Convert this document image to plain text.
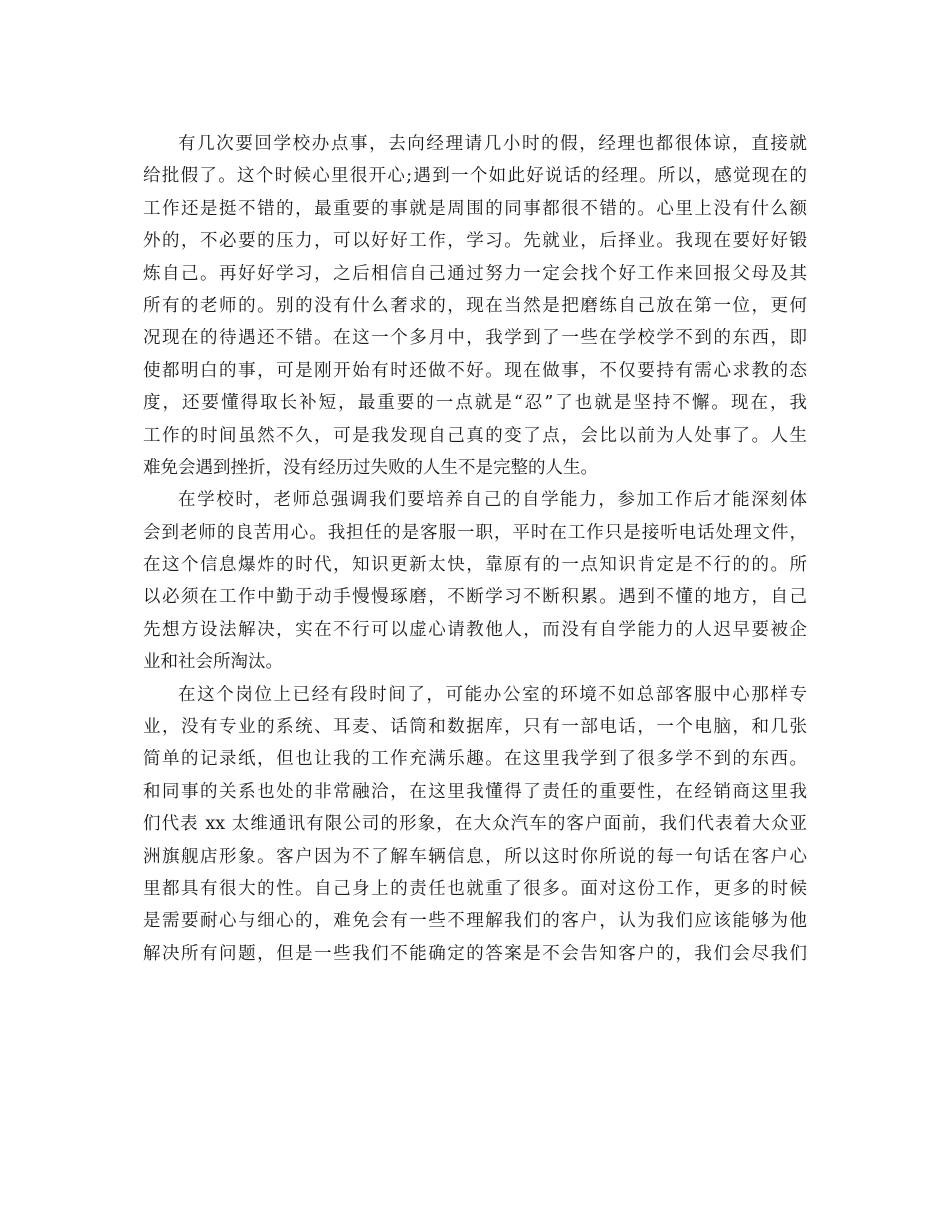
有几次要回学校办点事，去向经理请几小时的假，经理也都很体谅，直接就
给批假了。这个时候心里很开心;遇到一个如此好说话的经理。所以，感觉现在的
工作还是挺不错的，最重要的事就是周围的同事都很不错的。心里上没有什么额
外的，不必要的压力，可以好好工作，学习。先就业，后择业。我现在要好好锻
炼自己。再好好学习，之后相信自己通过努力一定会找个好工作来回报父母及其
所有的老师的。别的没有什么奢求的，现在当然是把磨练自己放在第一位，更何
况现在的待遇还不错。在这一个多月中，我学到了一些在学校学不到的东西，即
使都明白的事，可是刚开始有时还做不好。现在做事，不仅要持有需心求教的态
度，还要懂得取长补短，最重要的一点就是“忍”了也就是坚持不懈。现在，我
工作的时间虽然不久，可是我发现自己真的变了点，会比以前为人处事了。人生
难免会遇到挫折，没有经历过失败的人生不是完整的人生。
在学校时，老师总强调我们要培养自己的自学能力，参加工作后才能深刻体
会到老师的良苦用心。我担任的是客服一职，平时在工作只是接听电话处理文件，
在这个信息爆炸的时代，知识更新太快，靠原有的一点知识肯定是不行的的。所
以必须在工作中勤于动手慢慢琢磨，不断学习不断积累。遇到不懂的地方，自己
先想方设法解决，实在不行可以虚心请教他人，而没有自学能力的人迟早要被企
业和社会所淘汰。
在这个岗位上已经有段时间了，可能办公室的环境不如总部客服中心那样专
业，没有专业的系统、耳麦、话筒和数据库，只有一部电话，一个电脑，和几张
简单的记录纸，但也让我的工作充满乐趣。在这里我学到了很多学不到的东西。
和同事的关系也处的非常融洽，在这里我懂得了责任的重要性，在经销商这里我
们代表 xx 太维通讯有限公司的形象，在大众汽车的客户面前，我们代表着大众亚
洲旗舰店形象。客户因为不了解车辆信息，所以这时你所说的每一句话在客户心
里都具有很大的性。自己身上的责任也就重了很多。面对这份工作，更多的时候
是需要耐心与细心的，难免会有一些不理解我们的客户，认为我们应该能够为他
解决所有问题，但是一些我们不能确定的答案是不会告知客户的，我们会尽我们
